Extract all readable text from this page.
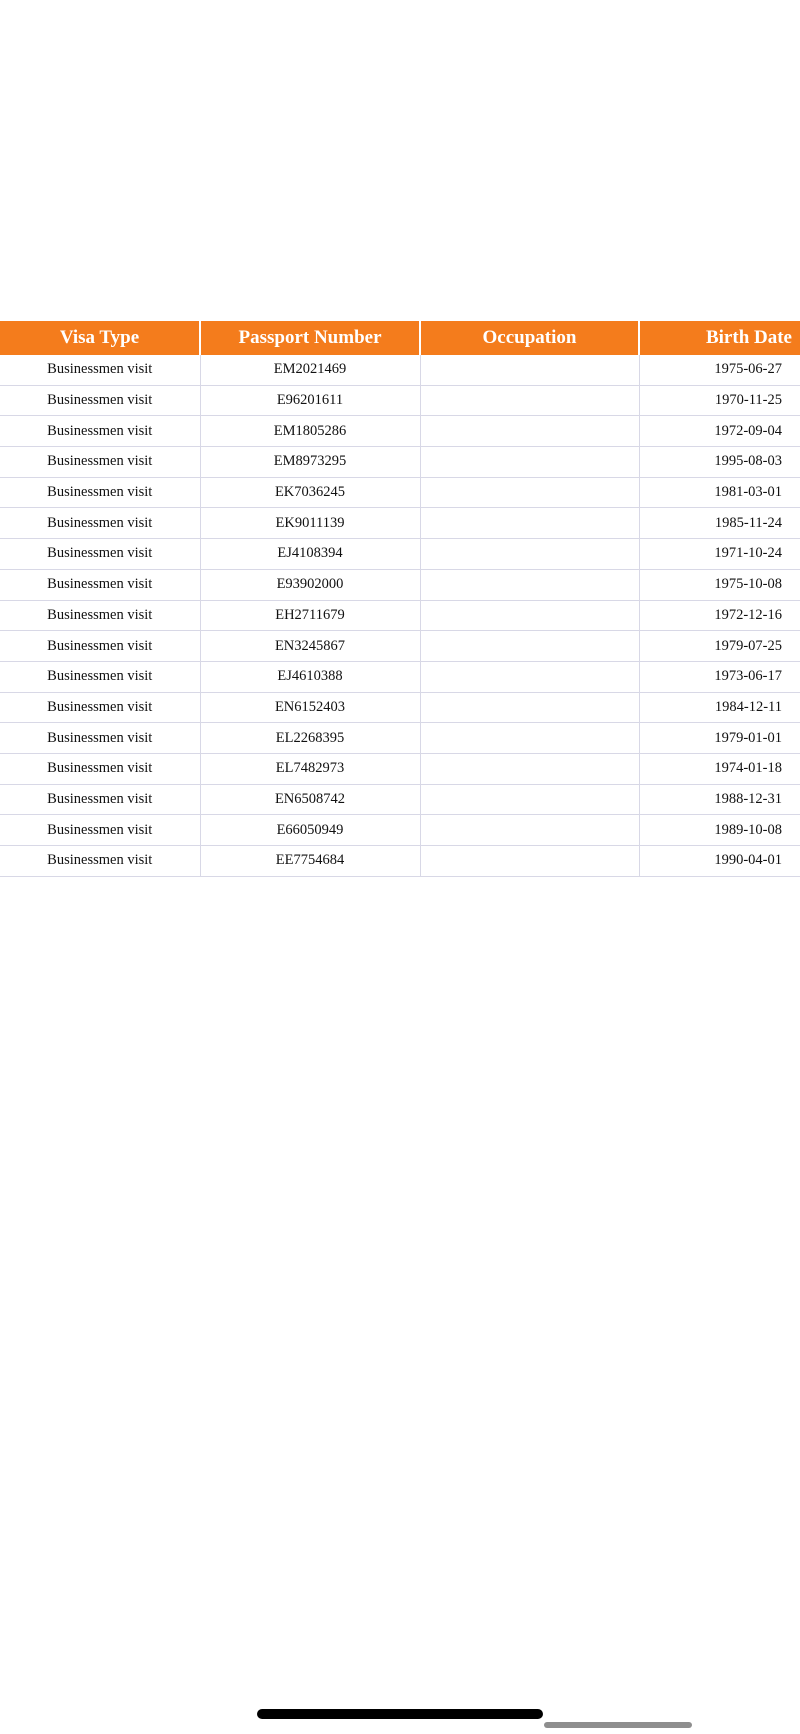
Visa Type	Passport Number	Occupation	Birth Date
Businessmen visit	EM2021469		1975-06-27
Businessmen visit	E96201611		1970-11-25
Businessmen visit	EM1805286		1972-09-04
Businessmen visit	EM8973295		1995-08-03
Businessmen visit	EK7036245		1981-03-01
Businessmen visit	EK9011139		1985-11-24
Businessmen visit	EJ4108394		1971-10-24
Businessmen visit	E93902000		1975-10-08
Businessmen visit	EH2711679		1972-12-16
Businessmen visit	EN3245867		1979-07-25
Businessmen visit	EJ4610388		1973-06-17
Businessmen visit	EN6152403		1984-12-11
Businessmen visit	EL2268395		1979-01-01
Businessmen visit	EL7482973		1974-01-18
Businessmen visit	EN6508742		1988-12-31
Businessmen visit	E66050949		1989-10-08
Businessmen visit	EE7754684		1990-04-01
